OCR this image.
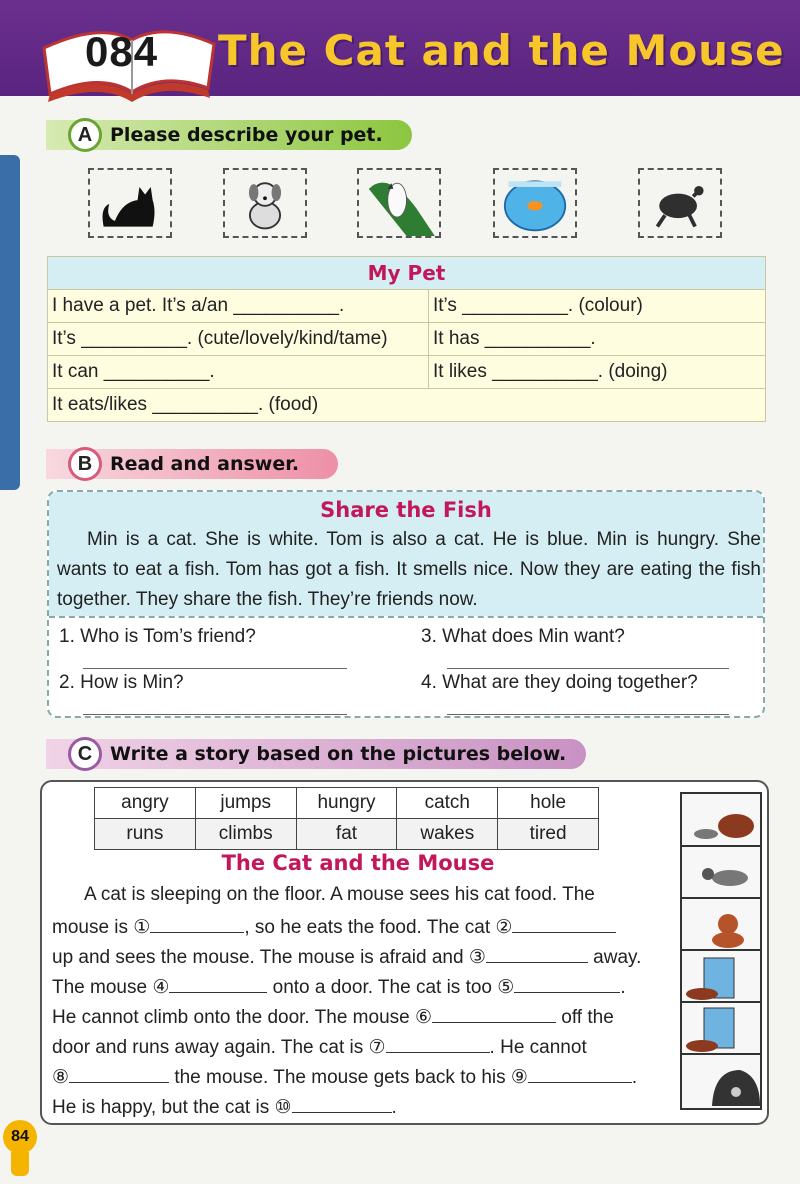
084 The Cat and the Mouse
A Please describe your pet.
My Pet	
I have a pet. It’s a/an __________.	It’s __________. (colour)
It’s __________. (cute/lovely/kind/tame)	It has __________.
It can __________.	It likes __________. (doing)
It eats/likes __________. (food)	
B Read and answer.
Share the Fish
Min is a cat. She is white. Tom is also a cat. He is blue. Min is hungry. She wants to eat a fish. Tom has got a fish. It smells nice. Now they are eating the fish together. They share the fish. They’re friends now.
1. Who is Tom’s friend?	3. What does Min want?
2. How is Min?	4. What are they doing together?
C Write a story based on the pictures below.
angry	jumps	hungry	catch	hole
runs	climbs	fat	wakes	tired
The Cat and the Mouse
A cat is sleeping on the floor. A mouse sees his cat food. The
mouse is ①	, so he eats the food. The cat ②
up and sees the mouse. The mouse is afraid and ③	away.
The mouse ④	onto a door. The cat is too ⑤	.
He cannot climb onto the door. The mouse ⑥	off the
door and runs away again. The cat is ⑦	. He cannot
⑧	the mouse. The mouse gets back to his ⑨	.
He is happy, but the cat is ⑩	.
84
